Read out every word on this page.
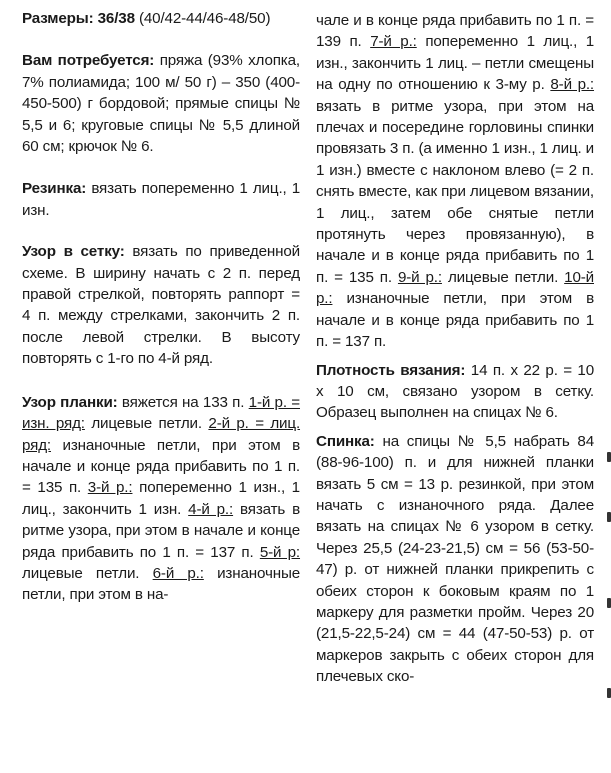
Размеры: 36/38 (40/42-44/46-48/50)

Вам потребуется: пряжа (93% хлопка, 7% полиамида; 100 м/ 50 г) – 350 (400-450-500) г бордовой; прямые спицы № 5,5 и 6; круговые спицы № 5,5 длиной 60 см; крючок № 6.

Резинка: вязать попеременно 1 лиц., 1 изн.

Узор в сетку: вязать по приведенной схеме. В ширину начать с 2 п. перед правой стрелкой, повторять раппорт = 4 п. между стрелками, закончить 2 п. после левой стрелки. В высоту повторять с 1-го по 4-й ряд.

Узор планки: вяжется на 133 п. 1-й р. = изн. ряд: лицевые петли. 2-й р. = лиц. ряд: изнаночные петли, при этом в начале и конце ряда прибавить по 1 п. = 135 п. 3-й р.: попеременно 1 изн., 1 лиц., закончить 1 изн. 4-й р.: вязать в ритме узора, при этом в начале и конце ряда прибавить по 1 п. = 137 п. 5-й р: лицевые петли. 6-й р.: изнаночные петли, при этом в на-

чале и в конце ряда прибавить по 1 п. = 139 п. 7-й р.: попеременно 1 лиц., 1 изн., закончить 1 лиц. – петли смещены на одну по отношению к 3-му р. 8-й р.: вязать в ритме узора, при этом на плечах и посередине горловины спинки провязать 3 п. (а именно 1 изн., 1 лиц. и 1 изн.) вместе с наклоном влево (= 2 п. снять вместе, как при лицевом вязании, 1 лиц., затем обе снятые петли протянуть через провязанную), в начале и в конце ряда прибавить по 1 п. = 135 п. 9-й р.: лицевые петли. 10-й р.: изнаночные петли, при этом в начале и в конце ряда прибавить по 1 п. = 137 п.

Плотность вязания: 14 п. х 22 р. = 10 х 10 см, связано узором в сетку. Образец выполнен на спицах № 6.

Спинка: на спицы № 5,5 набрать 84 (88-96-100) п. и для нижней планки вязать 5 см = 13 р. резинкой, при этом начать с изнаночного ряда. Далее вязать на спицах № 6 узором в сетку. Через 25,5 (24-23-21,5) см = 56 (53-50-47) р. от нижней планки прикрепить с обеих сторон к боковым краям по 1 маркеру для разметки пройм. Через 20 (21,5-22,5-24) см = 44 (47-50-53) р. от маркеров закрыть с обеих сторон для плечевых ско-
